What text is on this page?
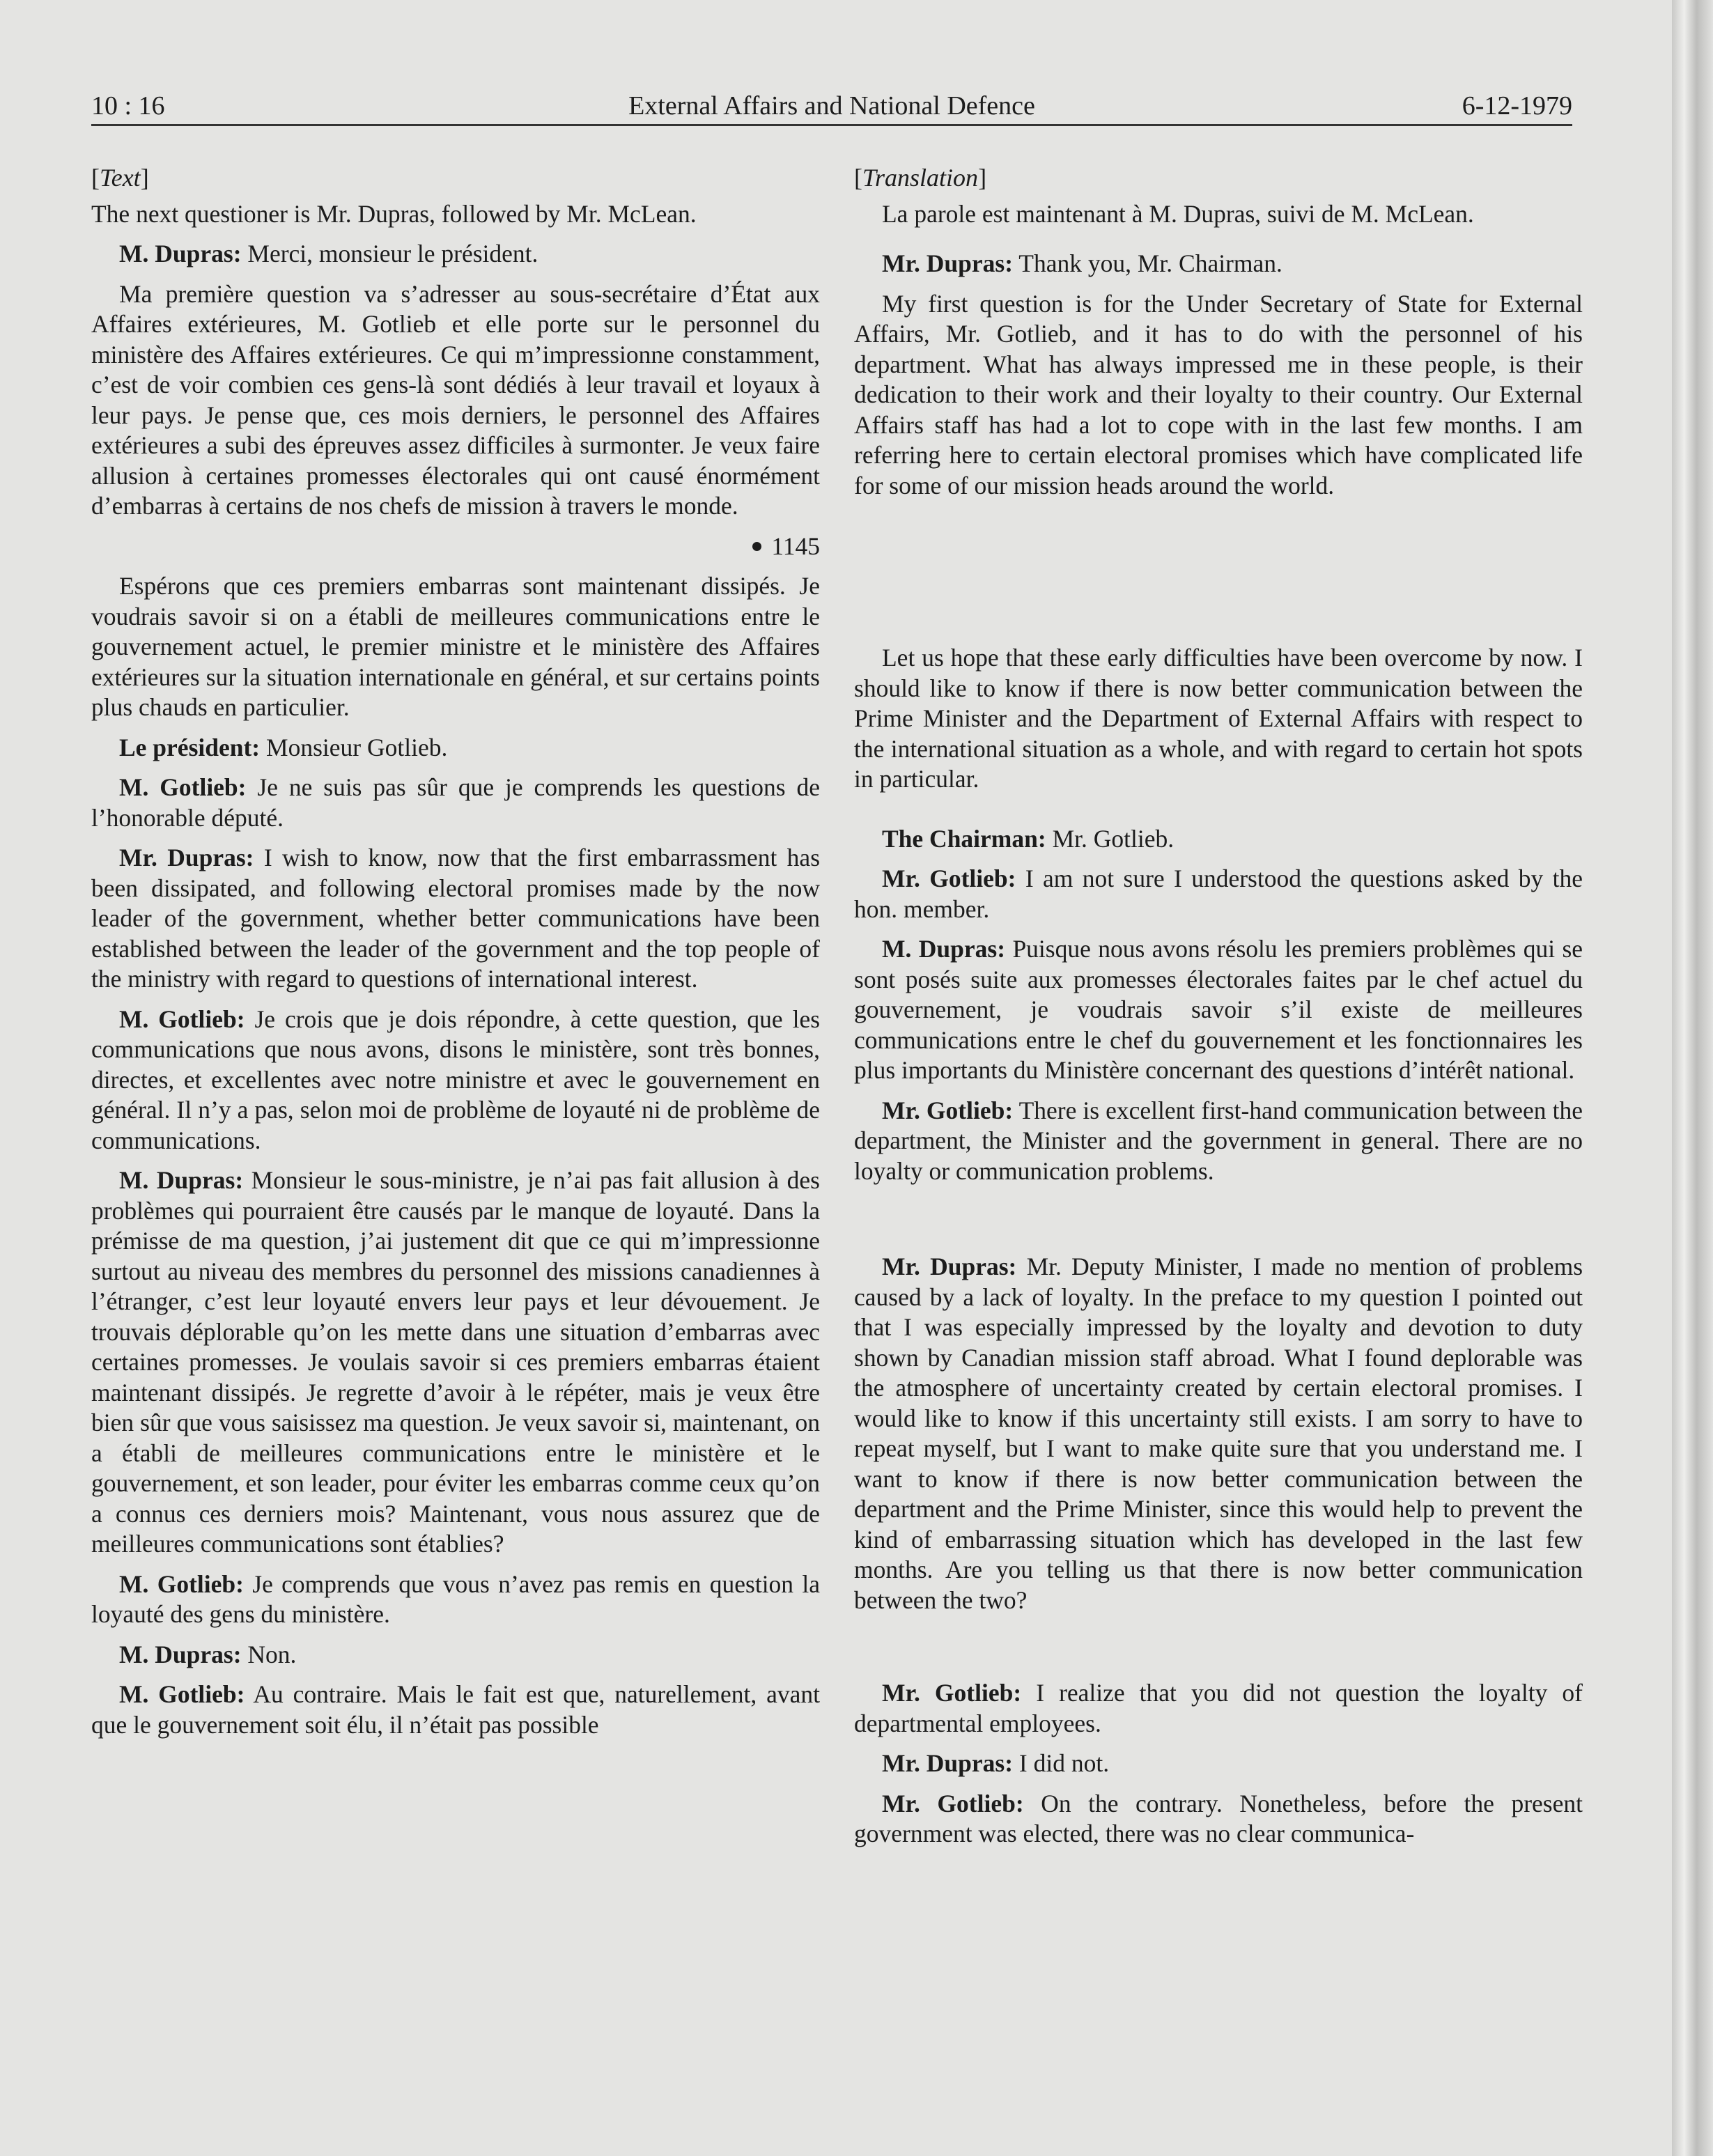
10 : 16	External Affairs and National Defence	6-12-1979

[Text]

The next questioner is Mr. Dupras, followed by Mr. McLean.

M. Dupras: Merci, monsieur le président.

Ma première question va s’adresser au sous-secrétaire d’État aux Affaires extérieures, M. Gotlieb et elle porte sur le personnel du ministère des Affaires extérieures. Ce qui m’impressionne constamment, c’est de voir combien ces gens-là sont dédiés à leur travail et loyaux à leur pays. Je pense que, ces mois derniers, le personnel des Affaires extérieures a subi des épreuves assez difficiles à surmonter. Je veux faire allusion à certaines promesses électorales qui ont causé énormément d’embarras à certains de nos chefs de mission à travers le monde.

1145

Espérons que ces premiers embarras sont maintenant dissipés. Je voudrais savoir si on a établi de meilleures communications entre le gouvernement actuel, le premier ministre et le ministère des Affaires extérieures sur la situation internationale en général, et sur certains points plus chauds en particulier.

Le président: Monsieur Gotlieb.

M. Gotlieb: Je ne suis pas sûr que je comprends les questions de l’honorable député.

Mr. Dupras: I wish to know, now that the first embarrassment has been dissipated, and following electoral promises made by the now leader of the government, whether better communications have been established between the leader of the government and the top people of the ministry with regard to questions of international interest.

M. Gotlieb: Je crois que je dois répondre, à cette question, que les communications que nous avons, disons le ministère, sont très bonnes, directes, et excellentes avec notre ministre et avec le gouvernement en général. Il n’y a pas, selon moi de problème de loyauté ni de problème de communications.

M. Dupras: Monsieur le sous-ministre, je n’ai pas fait allusion à des problèmes qui pourraient être causés par le manque de loyauté. Dans la prémisse de ma question, j’ai justement dit que ce qui m’impressionne surtout au niveau des membres du personnel des missions canadiennes à l’étranger, c’est leur loyauté envers leur pays et leur dévouement. Je trouvais déplorable qu’on les mette dans une situation d’embarras avec certaines promesses. Je voulais savoir si ces premiers embarras étaient maintenant dissipés. Je regrette d’avoir à le répéter, mais je veux être bien sûr que vous saisissez ma question. Je veux savoir si, maintenant, on a établi de meilleures communications entre le ministère et le gouvernement, et son leader, pour éviter les embarras comme ceux qu’on a connus ces derniers mois? Maintenant, vous nous assurez que de meilleures communications sont établies?

M. Gotlieb: Je comprends que vous n’avez pas remis en question la loyauté des gens du ministère.

M. Dupras: Non.

M. Gotlieb: Au contraire. Mais le fait est que, naturellement, avant que le gouvernement soit élu, il n’était pas possible

[Translation]

La parole est maintenant à M. Dupras, suivi de M. McLean.

Mr. Dupras: Thank you, Mr. Chairman.

My first question is for the Under Secretary of State for External Affairs, Mr. Gotlieb, and it has to do with the personnel of his department. What has always impressed me in these people, is their dedication to their work and their loyalty to their country. Our External Affairs staff has had a lot to cope with in the last few months. I am referring here to certain electoral promises which have complicated life for some of our mission heads around the world.

Let us hope that these early difficulties have been overcome by now. I should like to know if there is now better communication between the Prime Minister and the Department of External Affairs with respect to the international situation as a whole, and with regard to certain hot spots in particular.

The Chairman: Mr. Gotlieb.

Mr. Gotlieb: I am not sure I understood the questions asked by the hon. member.

M. Dupras: Puisque nous avons résolu les premiers problèmes qui se sont posés suite aux promesses électorales faites par le chef actuel du gouvernement, je voudrais savoir s’il existe de meilleures communications entre le chef du gouvernement et les fonctionnaires les plus importants du Ministère concernant des questions d’intérêt national.

Mr. Gotlieb: There is excellent first-hand communication between the department, the Minister and the government in general. There are no loyalty or communication problems.

Mr. Dupras: Mr. Deputy Minister, I made no mention of problems caused by a lack of loyalty. In the preface to my question I pointed out that I was especially impressed by the loyalty and devotion to duty shown by Canadian mission staff abroad. What I found deplorable was the atmosphere of uncertainty created by certain electoral promises. I would like to know if this uncertainty still exists. I am sorry to have to repeat myself, but I want to make quite sure that you understand me. I want to know if there is now better communication between the department and the Prime Minister, since this would help to prevent the kind of embarrassing situation which has developed in the last few months. Are you telling us that there is now better communication between the two?

Mr. Gotlieb: I realize that you did not question the loyalty of departmental employees.

Mr. Dupras: I did not.

Mr. Gotlieb: On the contrary. Nonetheless, before the present government was elected, there was no clear communica-
